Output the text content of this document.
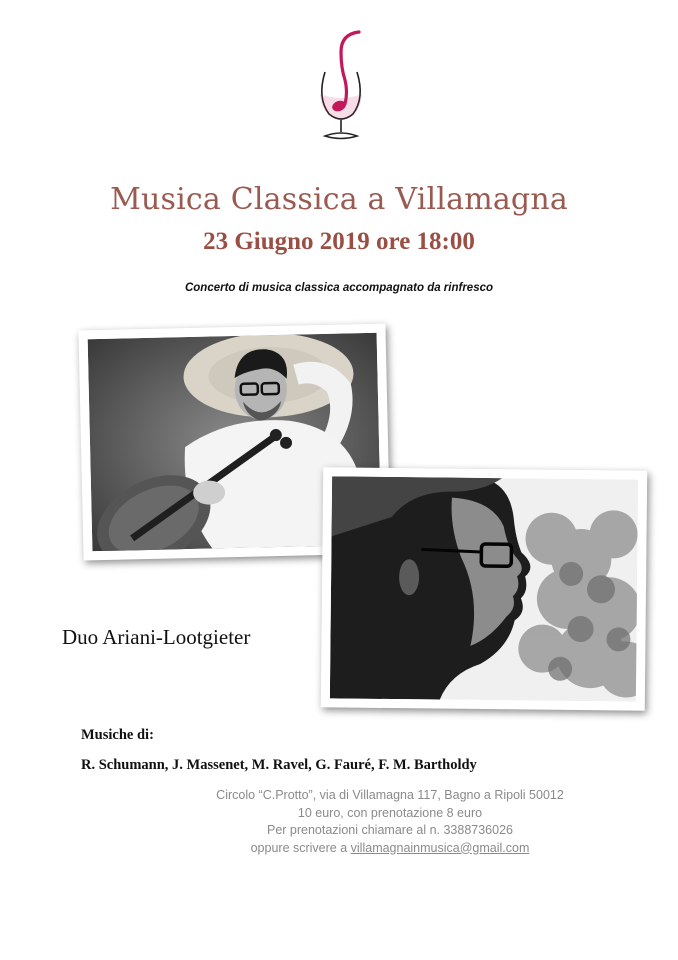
Musica Classica a Villamagna
23 Giugno 2019 ore 18:00
Concerto di musica classica accompagnato da rinfresco
Duo Ariani-Lootgieter
Musiche di:
R. Schumann, J. Massenet, M. Ravel, G. Fauré, F. M. Bartholdy
Circolo “C.Protto”, via di Villamagna 117, Bagno a Ripoli 50012
10 euro, con prenotazione 8 euro
Per prenotazioni chiamare al n. 3388736026
oppure scrivere a villamagnainmusica@gmail.com
